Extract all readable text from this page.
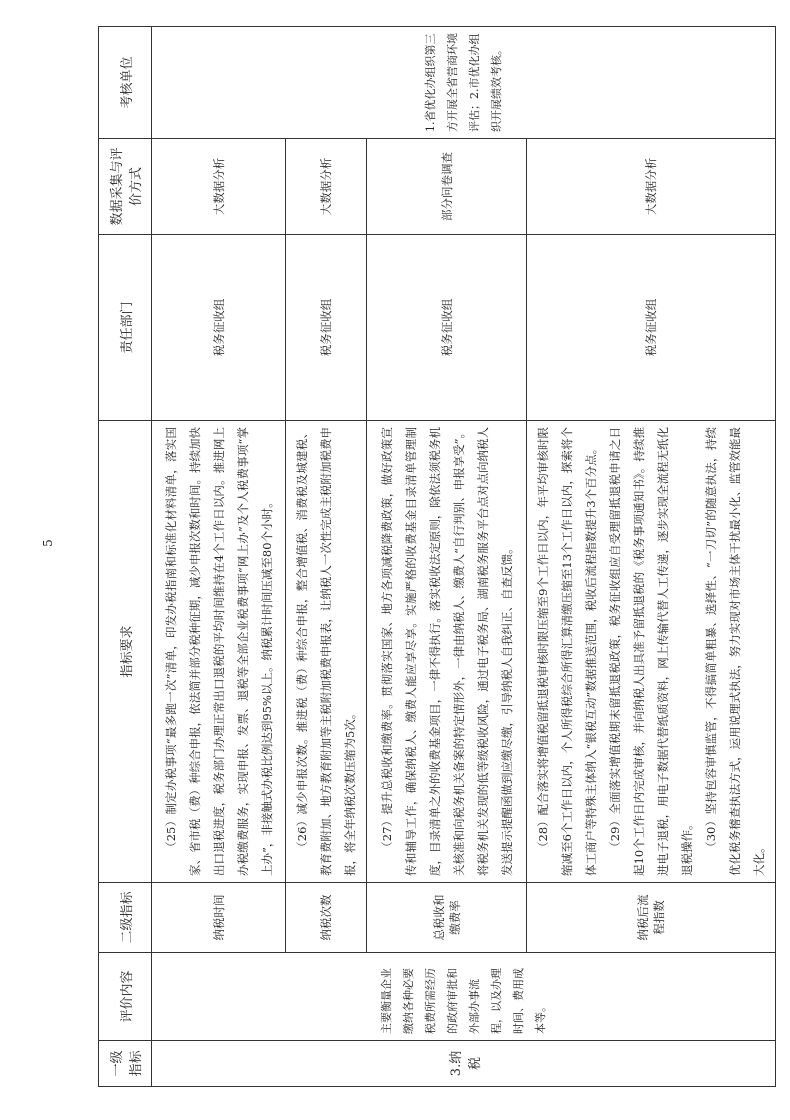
一级指标	评价内容	二级指标	指标要求	责任部门	数据采集与评价方式	考核单位
3.纳税	主要衡量企业缴纳各种必要税费所需经历的政府审批和外部办事流程，以及办理时间、费用成本等。	纳税时间	（25）制定办税事项“最多跑一次”清单，印发办税指南和标准化材料清单，落实国家、省市税（费）种综合申报，依法简并部分税种征期，减少申报次数和时间。持续加快出口退税进度，税务部门办理正常出口退税的平均时间维持在4个工作日以内。推进网上办税缴费服务，实现申报、发票、退税等全部企业税费事项“网上办”及个人税费事项“掌上办”，非接触式办税比例达到95%以上。纳税累计时间压减至80个小时。	税务征收组	大数据分析	1.省优化办组织第三方开展全省营商环境评估；2.市优化办组织开展绩效考核。
		纳税次数	（26）减少申报次数。推进税（费）种综合申报，整合增值税、消费税及城建税、教育费附加、地方教育附加等主税附加税费申报表，让纳税人一次性完成主税附加税费申报，将全年纳税次数压缩为5次。	税务征收组	大数据分析	
		总税收和缴费率	（27）提升总税收和缴费率。贯彻落实国家、地方各项减税降费政策，做好政策宣传和辅导工作，确保纳税人、缴费人能应享尽享。实施严格的收费基金目录清单管理制度，目录清单之外的收费基金项目，一律不得执行。落实税收法定原则，除依法须税务机关核准和向税务机关备案的特定情形外，一律由纳税人、缴费人“自行判别、申报享受”。将税务机关发现的低等级税收风险，通过电子税务局、湖南税务服务平台点对点向纳税人发送提示提醒函做到应缴尽缴，引导纳税人自我纠正、自查反馈。	税务征收组	部分问卷调查	
		纳税后流程指数	（28）配合落实将增值税留抵退税审核时限压缩至9个工作日以内，年平均审核时限缩减至6个工作日以内，个人所得税综合所得汇算清缴压缩至13个工作日以内，探索将个体工商户等特殊主体纳入“银税互动”数据推送范围，税收后流程指数提升3个百分点。 （29）全面落实增值税期末留抵退税政策，税务征收组应自受理留抵退税申请之日起10个工作日内完成审核，并向纳税人出具准予留抵退税的《税务事项通知书》。持续推进电子退税，用电子数据代替纸质资料，网上传输代替人工传递，逐步实现全流程无纸化退税操作。 （30）坚持包容审慎监管，不得搞简单粗暴、选择性、“一刀切”的随意执法，持续优化税务稽查执法方式，运用说理式执法，努力实现对市场主体干扰最小化、监管效能最大化。	税务征收组	大数据分析	
5
